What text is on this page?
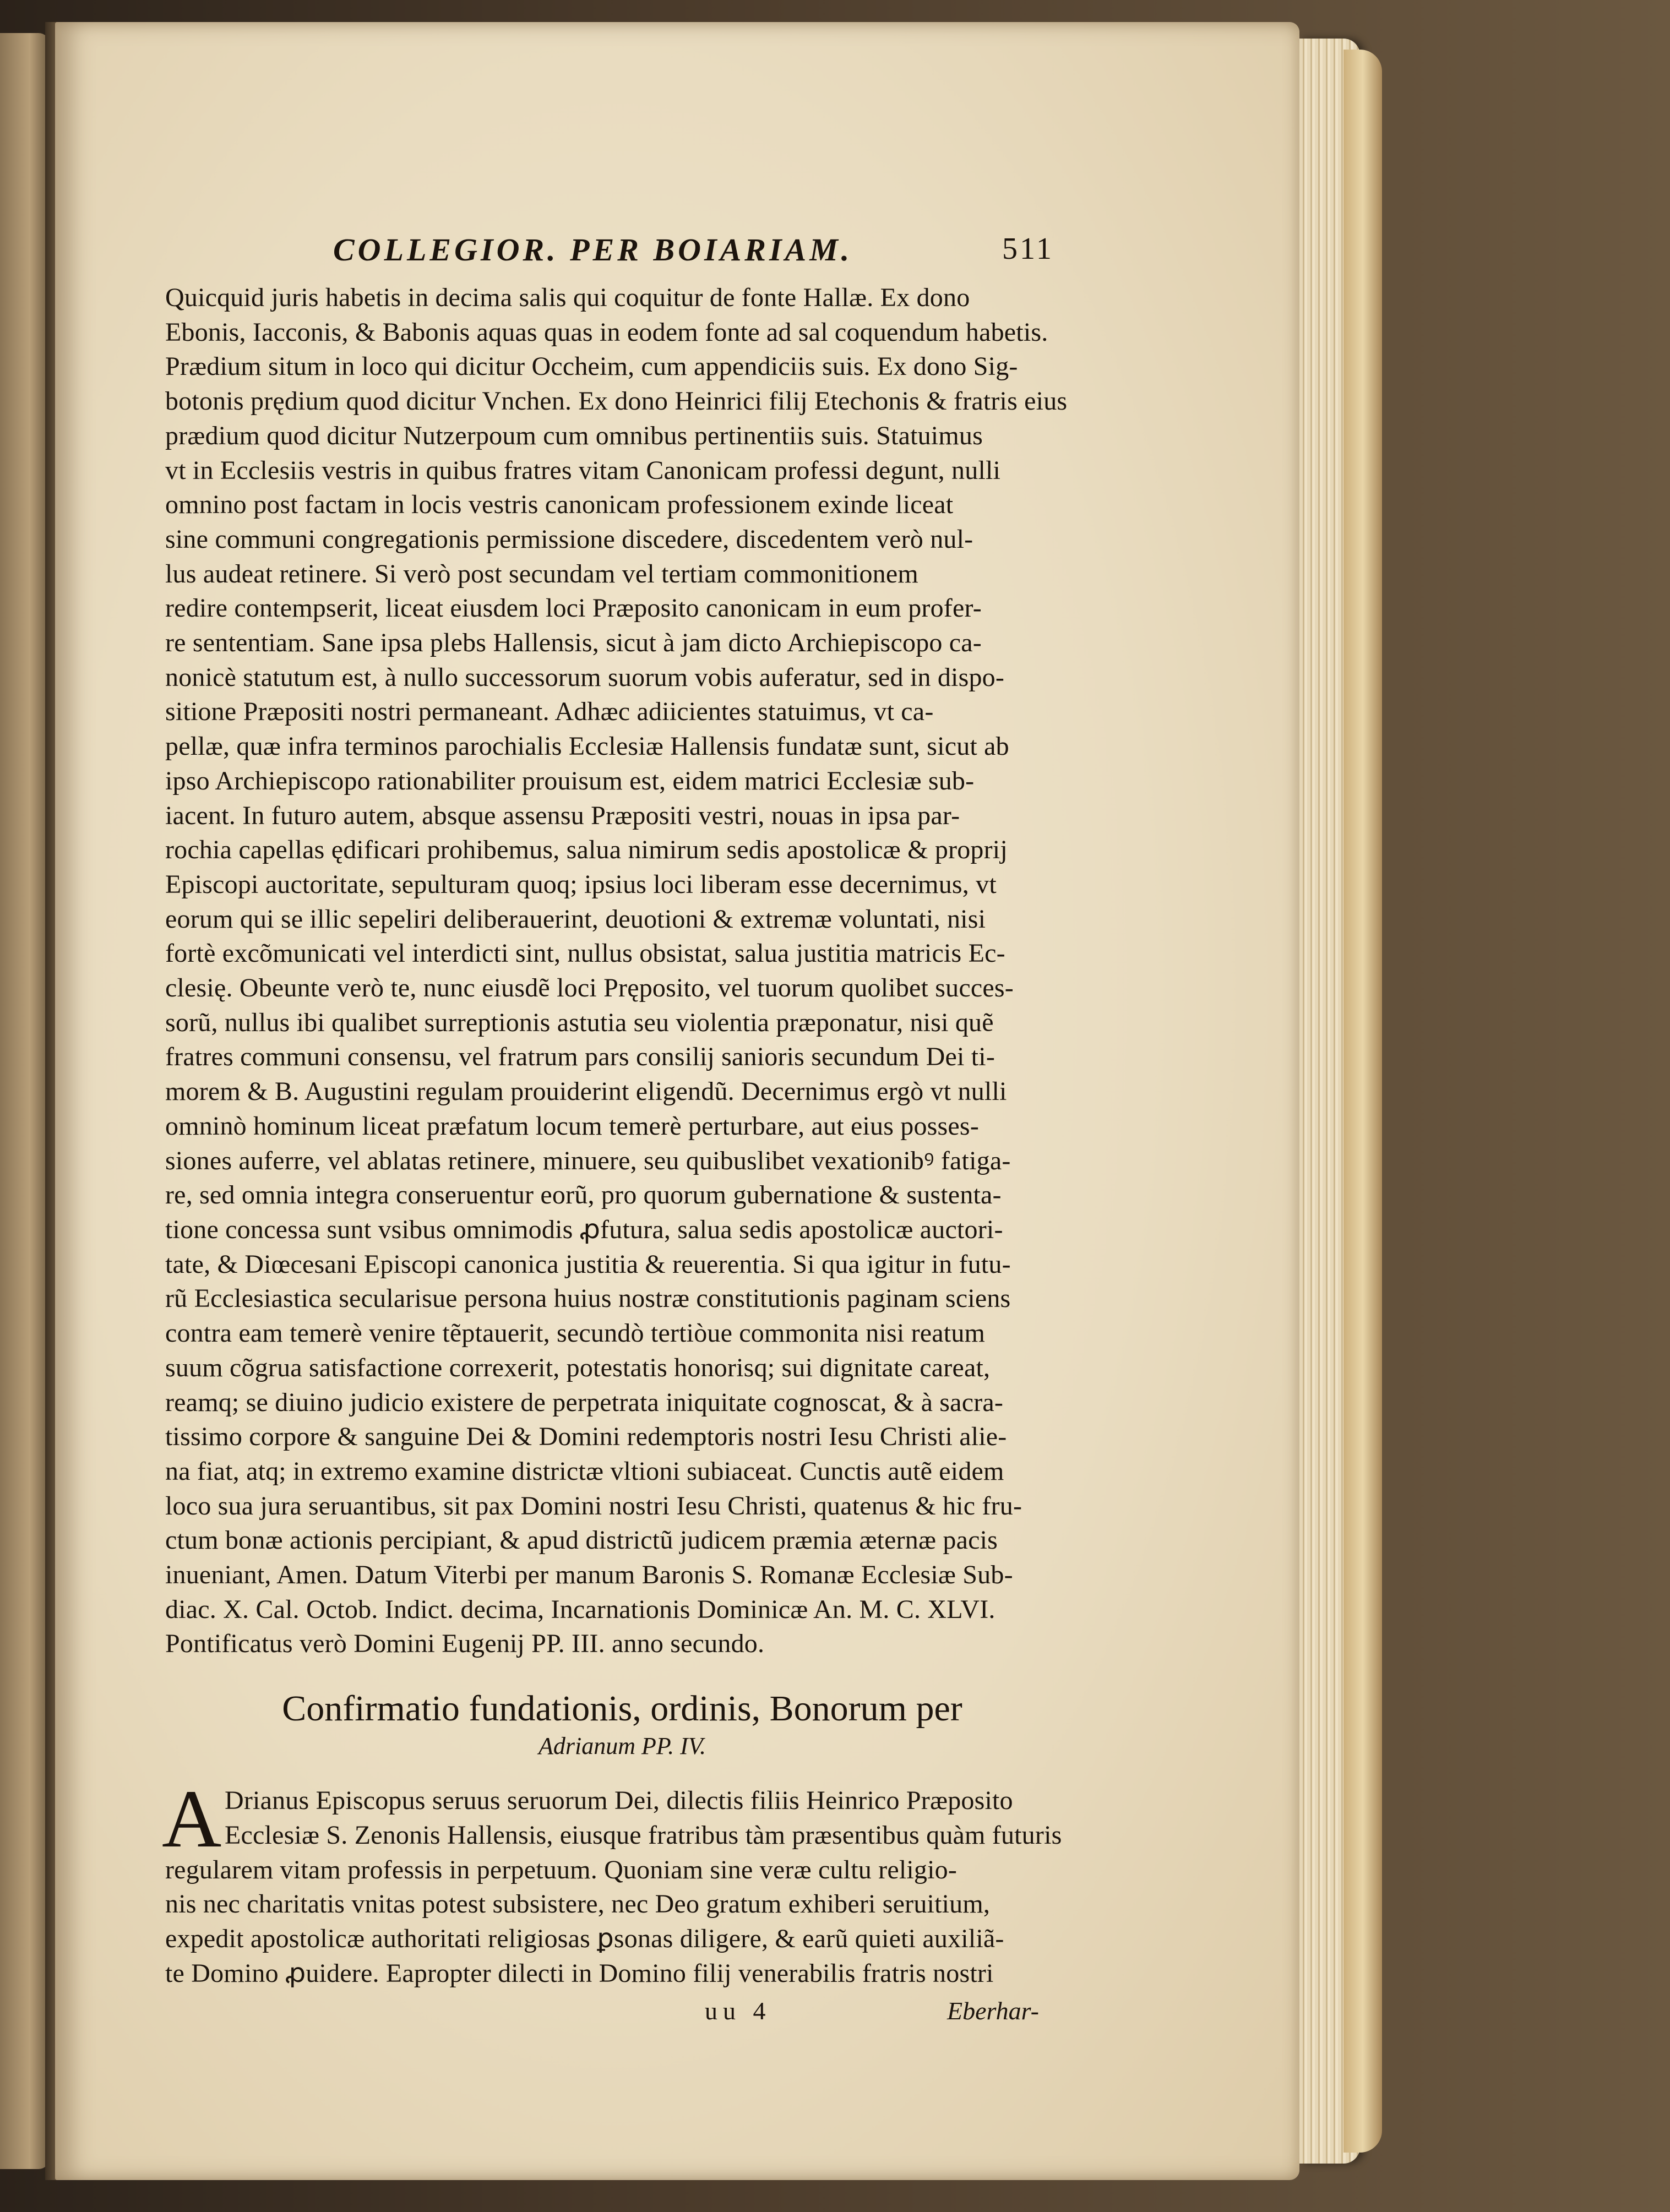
COLLEGIOR. PER BOIARIAM.	511
Quicquid juris habetis in decima salis qui coquitur de fonte Hallæ. Ex dono
Ebonis, Iacconis, & Babonis aquas quas in eodem fonte ad sal coquendum habetis.
Prædium situm in loco qui dicitur Occheim, cum appendiciis suis. Ex dono Sig-
botonis prędium quod dicitur Vnchen. Ex dono Heinrici filij Etechonis & fratris eius
prædium quod dicitur Nutzerpoum cum omnibus pertinentiis suis. Statuimus
vt in Ecclesiis vestris in quibus fratres vitam Canonicam professi degunt, nulli
omnino post factam in locis vestris canonicam professionem exinde liceat
sine communi congregationis permissione discedere, discedentem verò nul-
lus audeat retinere. Si verò post secundam vel tertiam commonitionem
redire contempserit, liceat eiusdem loci Præposito canonicam in eum profer-
re sententiam. Sane ipsa plebs Hallensis, sicut à jam dicto Archiepiscopo ca-
nonicè statutum est, à nullo successorum suorum vobis auferatur, sed in dispo-
sitione Præpositi nostri permaneant. Adhæc adiicientes statuimus, vt ca-
pellæ, quæ infra terminos parochialis Ecclesiæ Hallensis fundatæ sunt, sicut ab
ipso Archiepiscopo rationabiliter prouisum est, eidem matrici Ecclesiæ sub-
iacent. In futuro autem, absque assensu Præpositi vestri, nouas in ipsa par-
rochia capellas ędificari prohibemus, salua nimirum sedis apostolicæ & proprij
Episcopi auctoritate, sepulturam quoq; ipsius loci liberam esse decernimus, vt
eorum qui se illic sepeliri deliberauerint, deuotioni & extremæ voluntati, nisi
fortè excõmunicati vel interdicti sint, nullus obsistat, salua justitia matricis Ec-
clesię. Obeunte verò te, nunc eiusdẽ loci Pręposito, vel tuorum quolibet succes-
sorũ, nullus ibi qualibet surreptionis astutia seu violentia præponatur, nisi quẽ
fratres communi consensu, vel fratrum pars consilij sanioris secundum Dei ti-
morem & B. Augustini regulam prouiderint eligendũ. Decernimus ergò vt nulli
omninò hominum liceat præfatum locum temerè perturbare, aut eius posses-
siones auferre, vel ablatas retinere, minuere, seu quibuslibet vexationibꝰ fatiga-
re, sed omnia integra conseruentur eorũ, pro quorum gubernatione & sustenta-
tione concessa sunt vsibus omnimodis ꝓfutura, salua sedis apostolicæ auctori-
tate, & Diœcesani Episcopi canonica justitia & reuerentia. Si qua igitur in futu-
rũ Ecclesiastica secularisue persona huius nostræ constitutionis paginam sciens
contra eam temerè venire tẽptauerit, secundò tertiòue commonita nisi reatum
suum cõgrua satisfactione correxerit, potestatis honorisq; sui dignitate careat,
reamq; se diuino judicio existere de perpetrata iniquitate cognoscat, & à sacra-
tissimo corpore & sanguine Dei & Domini redemptoris nostri Iesu Christi alie-
na fiat, atq; in extremo examine districtæ vltioni subiaceat. Cunctis autẽ eidem
loco sua jura seruantibus, sit pax Domini nostri Iesu Christi, quatenus & hic fru-
ctum bonæ actionis percipiant, & apud districtũ judicem præmia æternæ pacis
inueniant, Amen. Datum Viterbi per manum Baronis S. Romanæ Ecclesiæ Sub-
diac. X. Cal. Octob. Indict. decima, Incarnationis Dominicæ An. M. C. XLVI.
Pontificatus verò Domini Eugenij PP. III. anno secundo.
Confirmatio fundationis, ordinis, Bonorum per
Adrianum PP. IV.
A Drianus Episcopus seruus seruorum Dei, dilectis filiis Heinrico Præposito
Ecclesiæ S. Zenonis Hallensis, eiusque fratribus tàm præsentibus quàm futuris
regularem vitam professis in perpetuum. Quoniam sine veræ cultu religio-
nis nec charitatis vnitas potest subsistere, nec Deo gratum exhiberi seruitium,
expedit apostolicæ authoritati religiosas ꝑsonas diligere, & earũ quieti auxiliã-
te Domino ꝓuidere. Eapropter dilecti in Domino filij venerabilis fratris nostri
uu 4	Eberhar-
